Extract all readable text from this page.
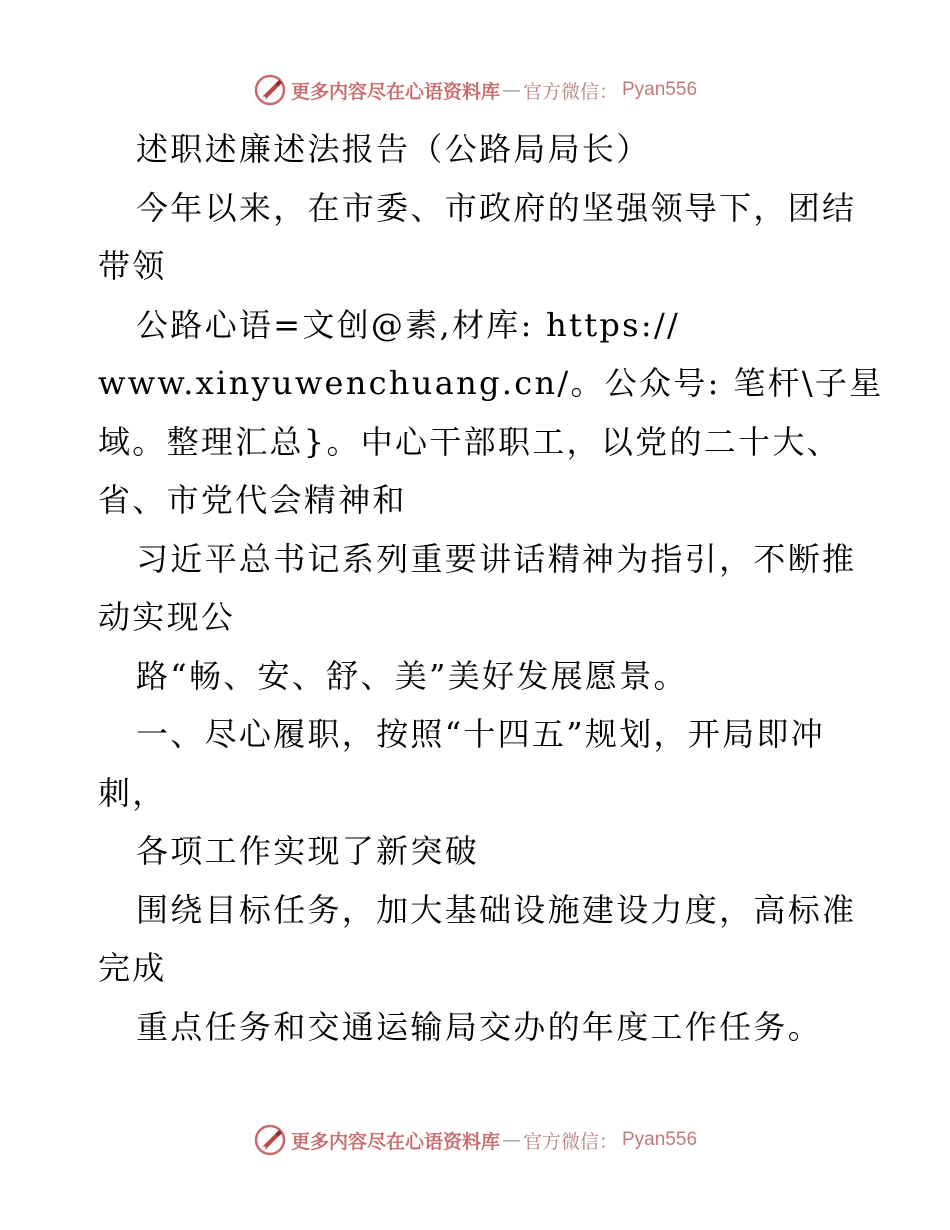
更多内容尽在心语资料库 — 官方微信： Pyan556
述职述廉述法报告（公路局局长）
今年以来，在市委、市政府的坚强领导下，团结
带领
公路心语=文创@素,材库: https://
www.xinyuwenchuang.cn/。公众号: 笔杆\子星
域。整理汇总}。中心干部职工，以党的二十大、
省、市党代会精神和
习近平总书记系列重要讲话精神为指引，不断推
动实现公
路“畅、安、舒、美”美好发展愿景。
一、尽心履职，按照“十四五”规划，开局即冲
刺，
各项工作实现了新突破
围绕目标任务，加大基础设施建设力度，高标准
完成
重点任务和交通运输局交办的年度工作任务。
更多内容尽在心语资料库 — 官方微信： Pyan556
